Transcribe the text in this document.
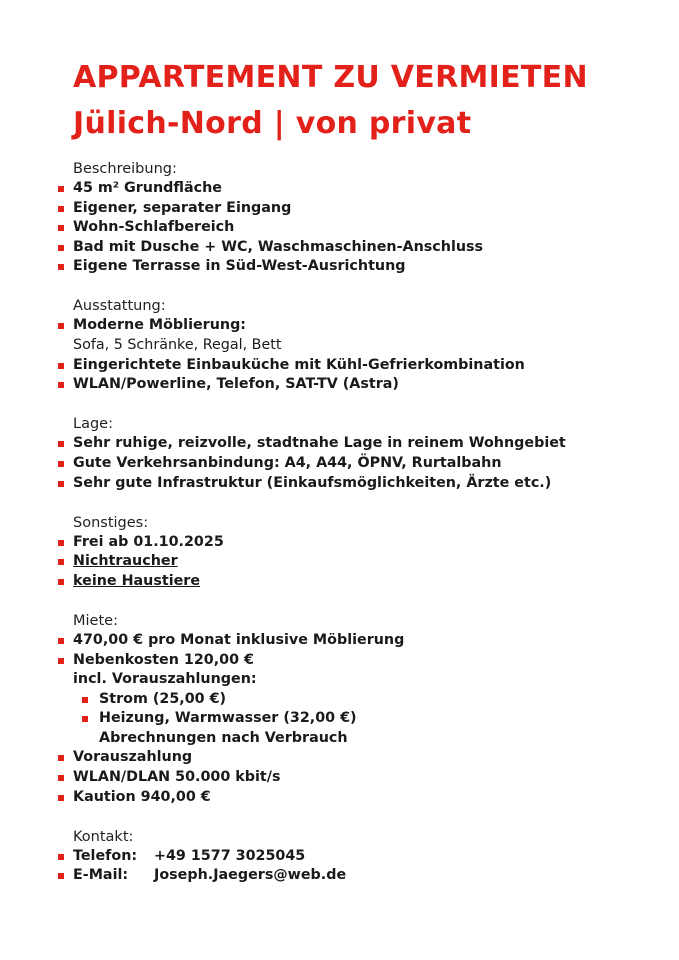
APPARTEMENT ZU VERMIETEN
Jülich-Nord | von privat
Beschreibung:
45 m² Grundfläche
Eigener, separater Eingang
Wohn-Schlafbereich
Bad mit Dusche + WC, Waschmaschinen-Anschluss
Eigene Terrasse in Süd-West-Ausrichtung
Ausstattung:
Moderne Möblierung:
Sofa, 5 Schränke, Regal, Bett
Eingerichtete Einbauküche mit Kühl-Gefrierkombination
WLAN/Powerline, Telefon, SAT-TV (Astra)
Lage:
Sehr ruhige, reizvolle, stadtnahe Lage in reinem Wohngebiet
Gute Verkehrsanbindung: A4, A44, ÖPNV, Rurtalbahn
Sehr gute Infrastruktur (Einkaufsmöglichkeiten, Ärzte etc.)
Sonstiges:
Frei ab 01.10.2025
Nichtraucher
keine Haustiere
Miete:
470,00 € pro Monat inklusive Möblierung
Nebenkosten 120,00 €
incl. Vorauszahlungen:
Strom (25,00 €)
Heizung, Warmwasser (32,00 €)
Abrechnungen nach Verbrauch
Vorauszahlung
WLAN/DLAN 50.000 kbit/s
Kaution 940,00 €
Kontakt:
Telefon: +49 1577 3025045
E-Mail: Joseph.Jaegers@web.de
